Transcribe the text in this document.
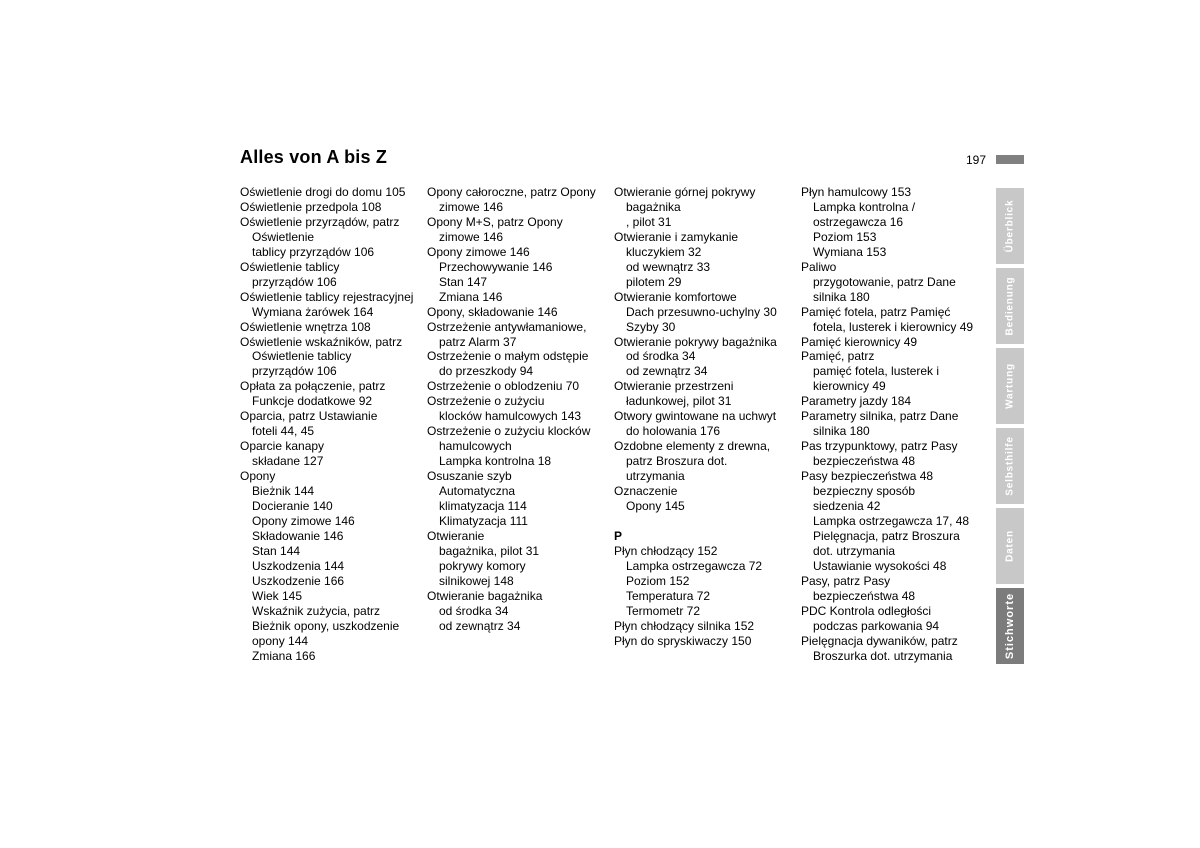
Alles von A bis Z	197
Oświetlenie drogi do domu 105
Oświetlenie przedpola 108
Oświetlenie przyrządów, patrz
Oświetlenie
tablicy przyrządów 106
Oświetlenie tablicy
przyrządów 106
Oświetlenie tablicy rejestracyjnej
Wymiana żarówek 164
Oświetlenie wnętrza 108
Oświetlenie wskaźników, patrz
Oświetlenie tablicy
przyrządów 106
Opłata za połączenie, patrz
Funkcje dodatkowe 92
Oparcia, patrz Ustawianie
foteli 44, 45
Oparcie kanapy
składane 127
Opony
Bieżnik 144
Docieranie 140
Opony zimowe 146
Składowanie 146
Stan 144
Uszkodzenia 144
Uszkodzenie 166
Wiek 145
Wskaźnik zużycia, patrz
Bieżnik opony, uszkodzenie
opony 144
Zmiana 166
Opony całoroczne, patrz Opony
zimowe 146
Opony M+S, patrz Opony
zimowe 146
Opony zimowe 146
Przechowywanie 146
Stan 147
Zmiana 146
Opony, składowanie 146
Ostrzeżenie antywłamaniowe,
patrz Alarm 37
Ostrzeżenie o małym odstępie
do przeszkody 94
Ostrzeżenie o oblodzeniu 70
Ostrzeżenie o zużyciu
klocków hamulcowych 143
Ostrzeżenie o zużyciu klocków
hamulcowych
Lampka kontrolna 18
Osuszanie szyb
Automatyczna
klimatyzacja 114
Klimatyzacja 111
Otwieranie
bagażnika, pilot 31
pokrywy komory
silnikowej 148
Otwieranie bagażnika
od środka 34
od zewnątrz 34
Otwieranie górnej pokrywy
bagażnika
, pilot 31
Otwieranie i zamykanie
kluczykiem 32
od wewnątrz 33
pilotem 29
Otwieranie komfortowe
Dach przesuwno-uchylny 30
Szyby 30
Otwieranie pokrywy bagażnika
od środka 34
od zewnątrz 34
Otwieranie przestrzeni
ładunkowej, pilot 31
Otwory gwintowane na uchwyt
do holowania 176
Ozdobne elementy z drewna,
patrz Broszura dot.
utrzymania
Oznaczenie
Opony 145
P
Płyn chłodzący 152
Lampka ostrzegawcza 72
Poziom 152
Temperatura 72
Termometr 72
Płyn chłodzący silnika 152
Płyn do spryskiwaczy 150
Płyn hamulcowy 153
Lampka kontrolna /
ostrzegawcza 16
Poziom 153
Wymiana 153
Paliwo
przygotowanie, patrz Dane
silnika 180
Pamięć fotela, patrz Pamięć
fotela, lusterek i kierownicy 49
Pamięć kierownicy 49
Pamięć, patrz
pamięć fotela, lusterek i
kierownicy 49
Parametry jazdy 184
Parametry silnika, patrz Dane
silnika 180
Pas trzypunktowy, patrz Pasy
bezpieczeństwa 48
Pasy bezpieczeństwa 48
bezpieczny sposób
siedzenia 42
Lampka ostrzegawcza 17, 48
Pielęgnacja, patrz Broszura
dot. utrzymania
Ustawianie wysokości 48
Pasy, patrz Pasy
bezpieczeństwa 48
PDC Kontrola odległości
podczas parkowania 94
Pielęgnacja dywaników, patrz
Broszurka dot. utrzymania
Überblick
Bedienung
Wartung
Selbsthilfe
Daten
Stichworte
